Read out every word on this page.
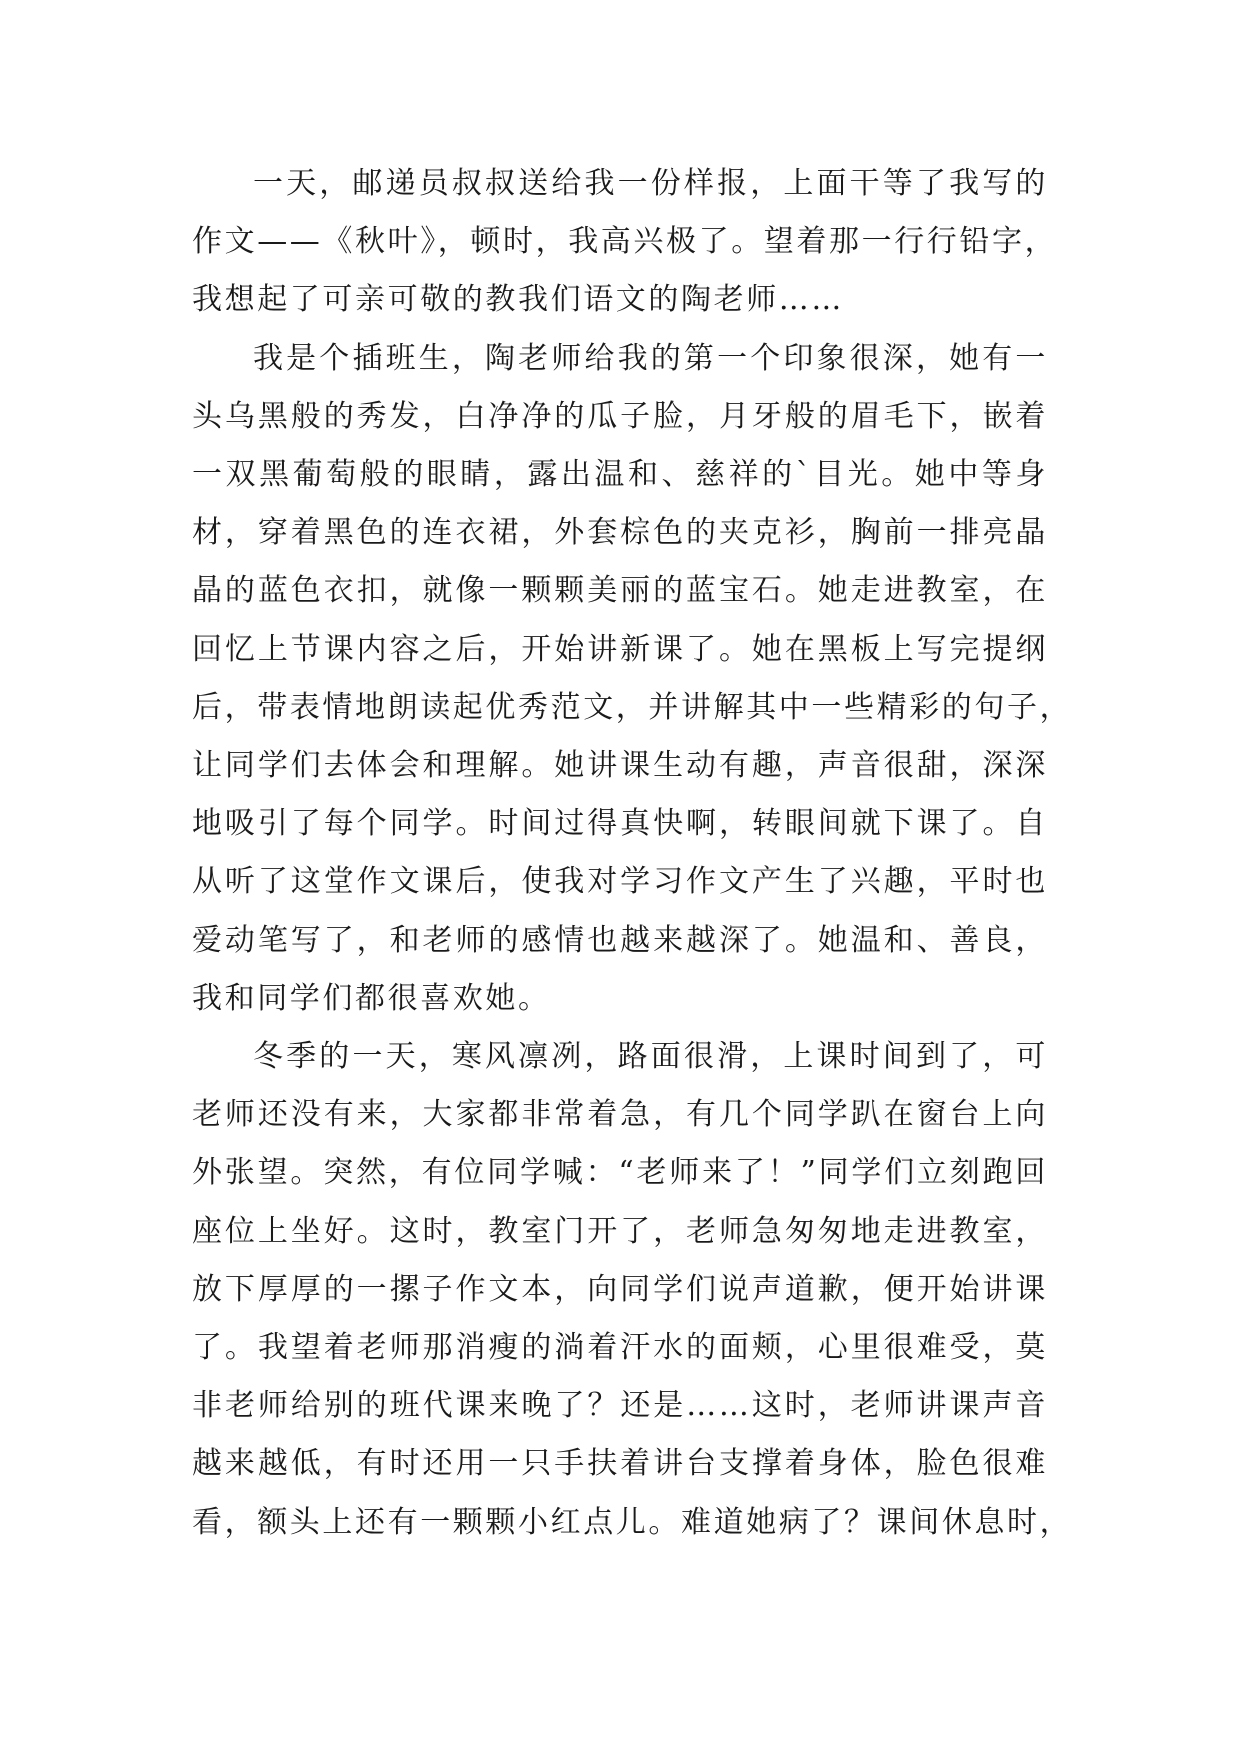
一天，邮递员叔叔送给我一份样报，上面干等了我写的
作文——《秋叶》，顿时，我高兴极了。望着那一行行铅字，
我想起了可亲可敬的教我们语文的陶老师……

我是个插班生，陶老师给我的第一个印象很深，她有一
头乌黑般的秀发，白净净的瓜子脸，月牙般的眉毛下，嵌着
一双黑葡萄般的眼睛，露出温和、慈祥的`目光。她中等身
材，穿着黑色的连衣裙，外套棕色的夹克衫，胸前一排亮晶
晶的蓝色衣扣，就像一颗颗美丽的蓝宝石。她走进教室，在
回忆上节课内容之后，开始讲新课了。她在黑板上写完提纲
后，带表情地朗读起优秀范文，并讲解其中一些精彩的句子，
让同学们去体会和理解。她讲课生动有趣，声音很甜，深深
地吸引了每个同学。时间过得真快啊，转眼间就下课了。自
从听了这堂作文课后，使我对学习作文产生了兴趣，平时也
爱动笔写了，和老师的感情也越来越深了。她温和、善良，
我和同学们都很喜欢她。

冬季的一天，寒风凛冽，路面很滑，上课时间到了，可
老师还没有来，大家都非常着急，有几个同学趴在窗台上向
外张望。突然，有位同学喊：“老师来了！”同学们立刻跑回
座位上坐好。这时，教室门开了，老师急匆匆地走进教室，
放下厚厚的一摞子作文本，向同学们说声道歉，便开始讲课
了。我望着老师那消瘦的淌着汗水的面颊，心里很难受，莫
非老师给别的班代课来晚了？还是……这时，老师讲课声音
越来越低，有时还用一只手扶着讲台支撑着身体，脸色很难
看，额头上还有一颗颗小红点儿。难道她病了？课间休息时，
